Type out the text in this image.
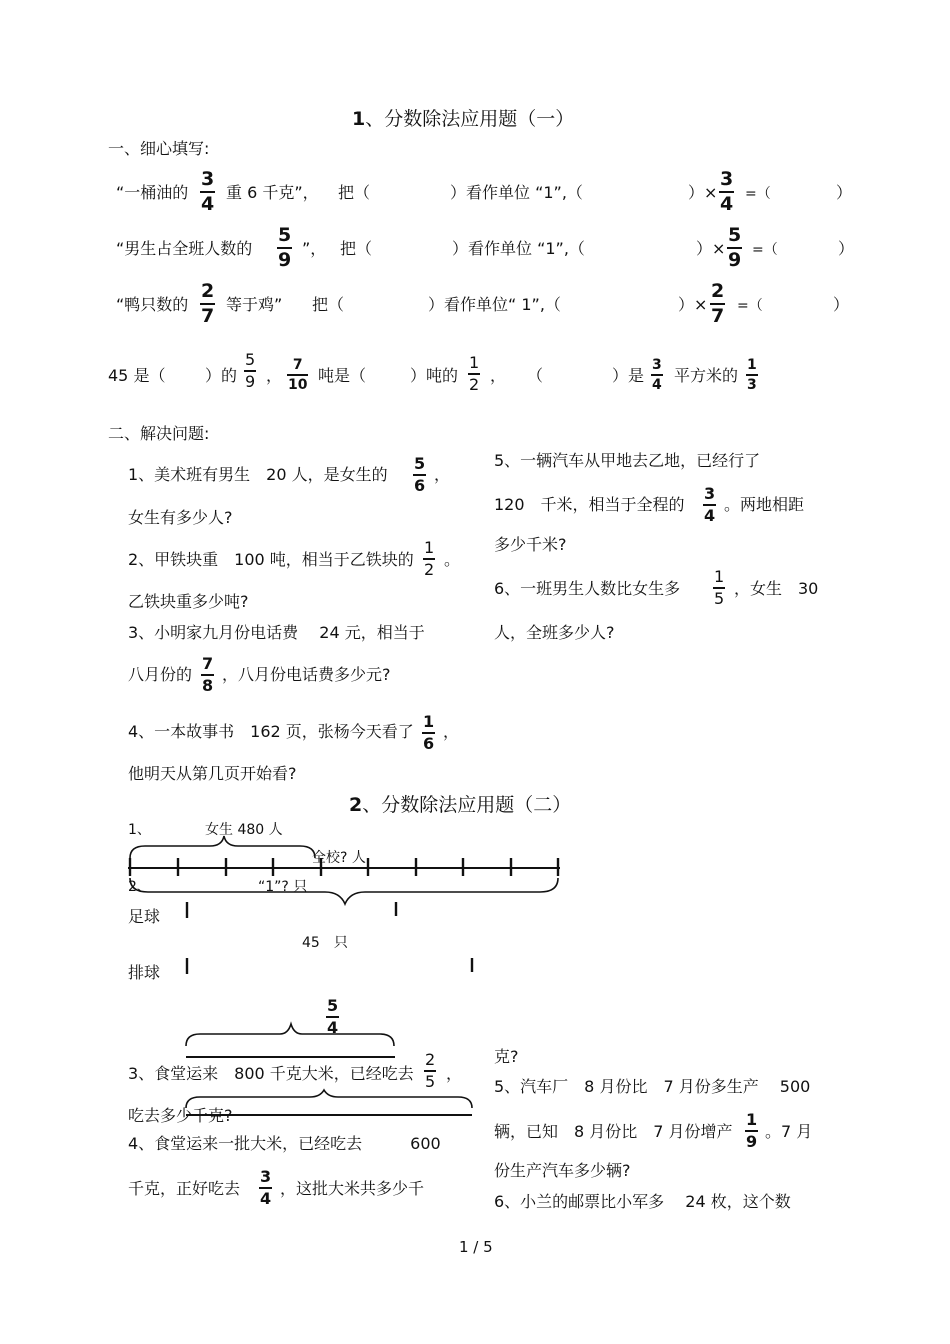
1、分数除法应用题（一）
一、细心填写:
“一桶油的
3
4 重 6 千克”， 把（	）看作单位 “1”,（	）×
3
4 =（	）
“男生占全班人数的
5
9 ”， 把（	）看作单位 “1”,（	）×
5
9 =（	）
“鸭只数的
2
7 等于鸡” 把（	）看作单位“ 1”,（	）×
2
7 =（	）
45 是（ ）的
5
9 ，
7
10 吨是（	）吨的
1
2 ， （	）是
3
4 平方米的
1
3
二、解决问题:
1、美术班有男生　20 人，是女生的
5
6
，
女生有多少人?
2、甲铁块重　100 吨，相当于乙铁块的
1
2 。
乙铁块重多少吨?
3、小明家九月份电话费　 24 元，相当于
八月份的
7
8
，八月份电话费多少元?
4、一本故事书　162 页，张杨今天看了
1
6
，
他明天从第几页开始看?
5、一辆汽车从甲地去乙地，已经行了
120　千米，相当于全程的
3
4
。两地相距
多少千米?
6、一班男生人数比女生多
1
5 ，女生　30
人，全班多少人?
2、分数除法应用题（二）
1、	女生 480 人
全校? 人
2、	“1”? 只
足球
45　只
排球
5
4
3、食堂运来　800 千克大米，已经吃去
2
5 ，
吃去多少千克?
4、食堂运来一批大米，已经吃去　　　600
千克，正好吃去
3
4 ，这批大米共多少千
克?
5、汽车厂　8 月份比　7 月份多生产　 500
辆，已知　8 月份比　7 月份增产
1
9 。7 月
份生产汽车多少辆?
6、小兰的邮票比小军多　 24 枚，这个数
1 / 5
